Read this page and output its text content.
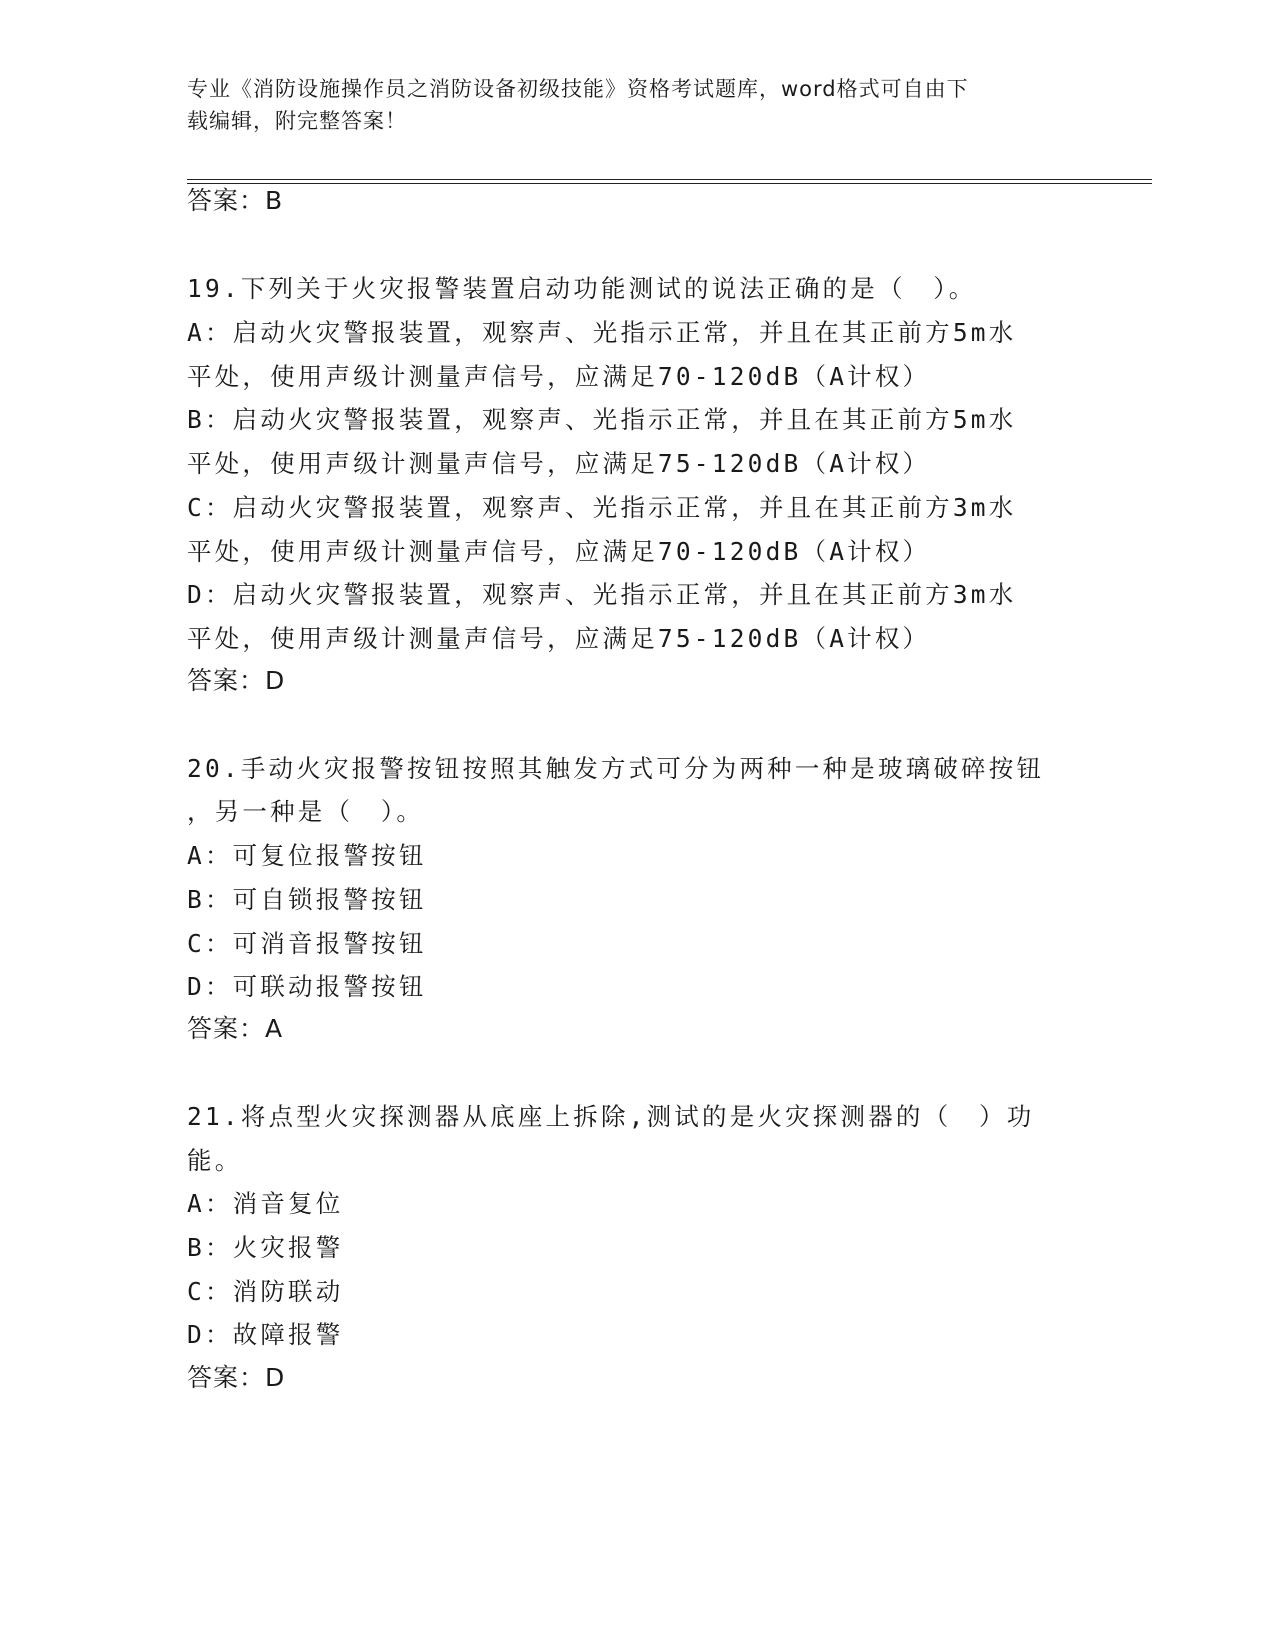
专业《消防设施操作员之消防设备初级技能》资格考试题库，word格式可自由下
载编辑，附完整答案！
答案：B
19.下列关于火灾报警装置启动功能测试的说法正确的是（　）。
A：启动火灾警报装置，观察声、光指示正常，并且在其正前方5m水
平处，使用声级计测量声信号，应满足70-120dB（A计权）
B：启动火灾警报装置，观察声、光指示正常，并且在其正前方5m水
平处，使用声级计测量声信号，应满足75-120dB（A计权）
C：启动火灾警报装置，观察声、光指示正常，并且在其正前方3m水
平处，使用声级计测量声信号，应满足70-120dB（A计权）
D：启动火灾警报装置，观察声、光指示正常，并且在其正前方3m水
平处，使用声级计测量声信号，应满足75-120dB（A计权）
答案：D
20.手动火灾报警按钮按照其触发方式可分为两种一种是玻璃破碎按钮
，另一种是（　）。
A：可复位报警按钮
B：可自锁报警按钮
C：可消音报警按钮
D：可联动报警按钮
答案：A
21.将点型火灾探测器从底座上拆除,测试的是火灾探测器的（　）功
能。
A：消音复位
B：火灾报警
C：消防联动
D：故障报警
答案：D
